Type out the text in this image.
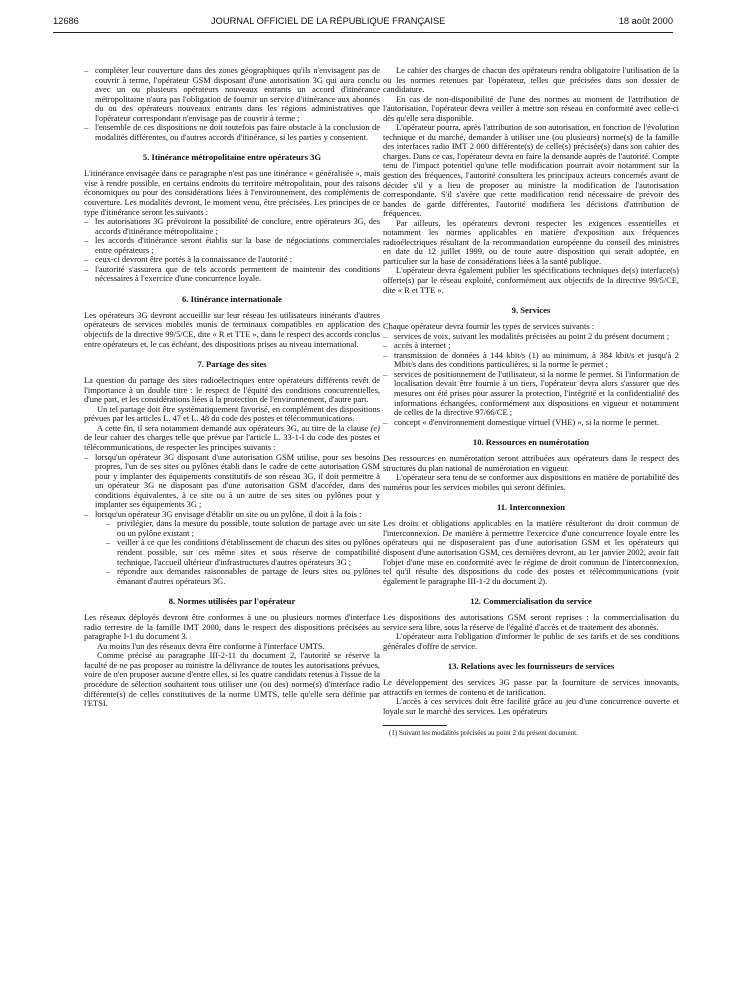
12686	JOURNAL OFFICIEL DE LA RÉPUBLIQUE FRANÇAISE	18 août 2000
– compléter leur couverture dans des zones géographiques qu'ils n'envisagent pas de couvrir à terme, l'opérateur GSM disposant d'une autorisation 3G qui aura conclu avec un ou plusieurs opérateurs nouveaux entrants un accord d'itinérance métropolitaine n'aura pas l'obligation de fournir un service d'itinérance aux abonnés du ou des opérateurs nouveaux entrants dans les régions administratives que l'opérateur correspondant n'envisage pas de couvrir à terme ;
– l'ensemble de ces dispositions ne doit toutefois pas faire obstacle à la conclusion de modalités différentes, ou d'autres accords d'itinérance, si les parties y consentent.
5. Itinérance métropolitaine entre opérateurs 3G

L'itinérance envisagée dans ce paragraphe n'est pas une itinérance « généralisée », mais vise à rendre possible, en certains endroits du territoire métropolitain, pour des raisons économiques ou pour des considérations liées à l'environnement, des compléments de couverture. Les modalités devront, le moment venu, être précisées. Les principes de ce type d'itinérance seront les suivants :

– les autorisations 3G prévoiront la possibilité de conclure, entre opérateurs 3G, des accords d'itinérance métropolitaine ;
– les accords d'itinérance seront établis sur la base de négociations commerciales entre opérateurs ;
– ceux-ci devront être portés à la connaissance de l'autorité ;
– l'autorité s'assurera que de tels accords permettent de maintenir des conditions nécessaires à l'exercice d'une concurrence loyale.
6. Itinérance internationale

Les opérateurs 3G devront accueillir sur leur réseau les utilisateurs itinérants d'autres opérateurs de services mobiles munis de terminaux compatibles en application des objectifs de la directive 99/5/CE, dite « R et TTE », dans le respect des accords conclus entre opérateurs et, le cas échéant, des dispositions prises au niveau international.

7. Partage des sites

La question du partage des sites radioélectriques entre opérateurs différents revêt de l'importance à un double titre : le respect de l'équité des conditions concurrentielles, d'une part, et les considérations liées à la protection de l'environnement, d'autre part.

Un tel partage doit être systématiquement favorisé, en complément des dispositions prévues par les articles L. 47 et L. 48 du code des postes et télécommunications.

A cette fin, il sera notamment demandé aux opérateurs 3G, au titre de la clause (e) de leur cahier des charges telle que prévue par l'article L. 33-1-I du code des postes et télécommunications, de respecter les principes suivants :

– lorsqu'un opérateur 3G disposant d'une autorisation GSM utilise, pour ses besoins propres, l'un de ses sites ou pylônes établi dans le cadre de cette autorisation GSM pour y implanter des équipements constitutifs de son réseau 3G, il doit permettre à un opérateur 3G ne disposant pas d'une autorisation GSM d'accéder, dans des conditions équivalentes, à ce site ou à un autre de ses sites ou pylônes pour y implanter ses équipements 3G ;
– lorsqu'un opérateur 3G envisage d'établir un site ou un pylône, il doit à la fois :
– privilégier, dans la mesure du possible, toute solution de partage avec un site ou un pylône existant ;
– veiller à ce que les conditions d'établissement de chacun des sites ou pylônes rendent possible, sur ces même sites et sous réserve de compatibilité technique, l'accueil ultérieur d'infrastructures d'autres opérateurs 3G ;
– répondre aux demandes raisonnables de partage de leurs sites ou pylônes émanant d'autres opérateurs 3G.
8. Normes utilisées par l'opérateur

Les réseaux déployés devront être conformes à une ou plusieurs normes d'interface radio terrestre de la famille IMT 2000, dans le respect des dispositions précisées au paragraphe I-1 du document 3.

Au moins l'un des réseaux devra être conforme à l'interface UMTS.

Comme précisé au paragraphe III-2-11 du document 2, l'autorité se réserve la faculté de ne pas proposer au ministre la délivrance de toutes les autorisations prévues, voire de n'en proposer aucune d'entre elles, si les quatre candidats retenus à l'issue de la procédure de sélection souhaitent tous utiliser une (ou des) norme(s) d'interface radio différente(s) de celles constitutives de la norme UMTS, telle qu'elle sera définie par l'ETSI.

Le cahier des charges de chacun des opérateurs rendra obligatoire l'utilisation de la ou les normes retenues par l'opérateur, telles que précisées dans son dossier de candidature.

En cas de non-disponibilité de l'une des normes au moment de l'attribution de l'autorisation, l'opérateur devra veiller à mettre son réseau en conformité avec celle-ci dès qu'elle sera disponible.

L'opérateur pourra, après l'attribution de son autorisation, en fonction de l'évolution technique et du marché, demander à utiliser une (ou plusieurs) norme(s) de la famille des interfaces radio IMT 2 000 différente(s) de celle(s) précisée(s) dans son cahier des charges. Dans ce cas, l'opérateur devra en faire la demande auprès de l'autorité. Compte tenu de l'impact potentiel qu'une telle modification pourrait avoir notamment sur la gestion des fréquences, l'autorité consultera les principaux acteurs concernés avant de décider s'il y a lieu de proposer au ministre la modification de l'autorisation correspondante. S'il s'avère que cette modification rend nécessaire de prévoir des bandes de garde différentes, l'autorité modifiera les décisions d'attribution de fréquences.

Par ailleurs, les opérateurs devront respecter les exigences essentielles et notamment les normes applicables en matière d'exposition aux fréquences radioélectriques résultant de la recommandation européenne du conseil des ministres en date du 12 juillet 1999, ou de toute autre disposition qui serait adoptée, en particulier sur la base de considérations liées à la santé publique.

L'opérateur devra également publier les spécifications techniques de(s) interface(s) offerte(s) par le réseau exploité, conformément aux objectifs de la directive 99/5/CE, dite « R et TTE ».

9. Services

Chaque opérateur devra fournir les types de services suivants :

– services de voix, suivant les modalités précisées au point 2 du présent document ;
– accès à internet ;
– transmission de données à 144 kbit/s (1) au minimum, à 384 kbit/s et jusqu'à 2 Mbit/s dans des conditions particulières, si la norme le permet ;
– services de positionnement de l'utilisateur, si la norme le permet. Si l'information de localisation devait être fournie à un tiers, l'opérateur devra alors s'assurer que des mesures ont été prises pour assurer la protection, l'intégrité et la confidentialité des informations échangées, conformément aux dispositions en vigueur et notamment de celles de la directive 97/66/CE ;
– concept « d'environnement domestique virtuel (VHE) », si la norme le permet.
10. Ressources en numérotation

Des ressources en numérotation seront attribuées aux opérateurs dans le respect des structures du plan national de numérotation en vigueur.

L'opérateur sera tenu de se conformer aux dispositions en matière de portabilité des numéros pour les services mobiles qui seront définies.

11. Interconnexion

Les droits et obligations applicables en la matière résulteront du droit commun de l'interconnexion. De manière à permettre l'exercice d'une concurrence loyale entre les opérateurs qui ne disposeraient pas d'une autorisation GSM et les opérateurs qui disposent d'une autorisation GSM, ces dernières devront, au 1er janvier 2002, avoir fait l'objet d'une mise en conformité avec le régime de droit commun de l'interconnexion, tel qu'il résulte des dispositions du code des postes et télécommunications (voir également le paragraphe III-1-2 du document 2).

12. Commercialisation du service

Les dispositions des autorisations GSM seront reprises : la commercialisation du service sera libre, sous la réserve de l'égalité d'accès et de traitement des abonnés.

L'opérateur aura l'obligation d'informer le public de ses tarifs et de ses conditions générales d'offre de service.

13. Relations avec les fournisseurs de services

Le développement des services 3G passe par la fourniture de services innovants, attractifs en termes de contenu et de tarification.

L'accès à ces services doit être facilité grâce au jeu d'une concurrence ouverte et loyale sur le marché des services. Les opérateurs

(1) Suivant les modalités précisées au point 2 du présent document.
